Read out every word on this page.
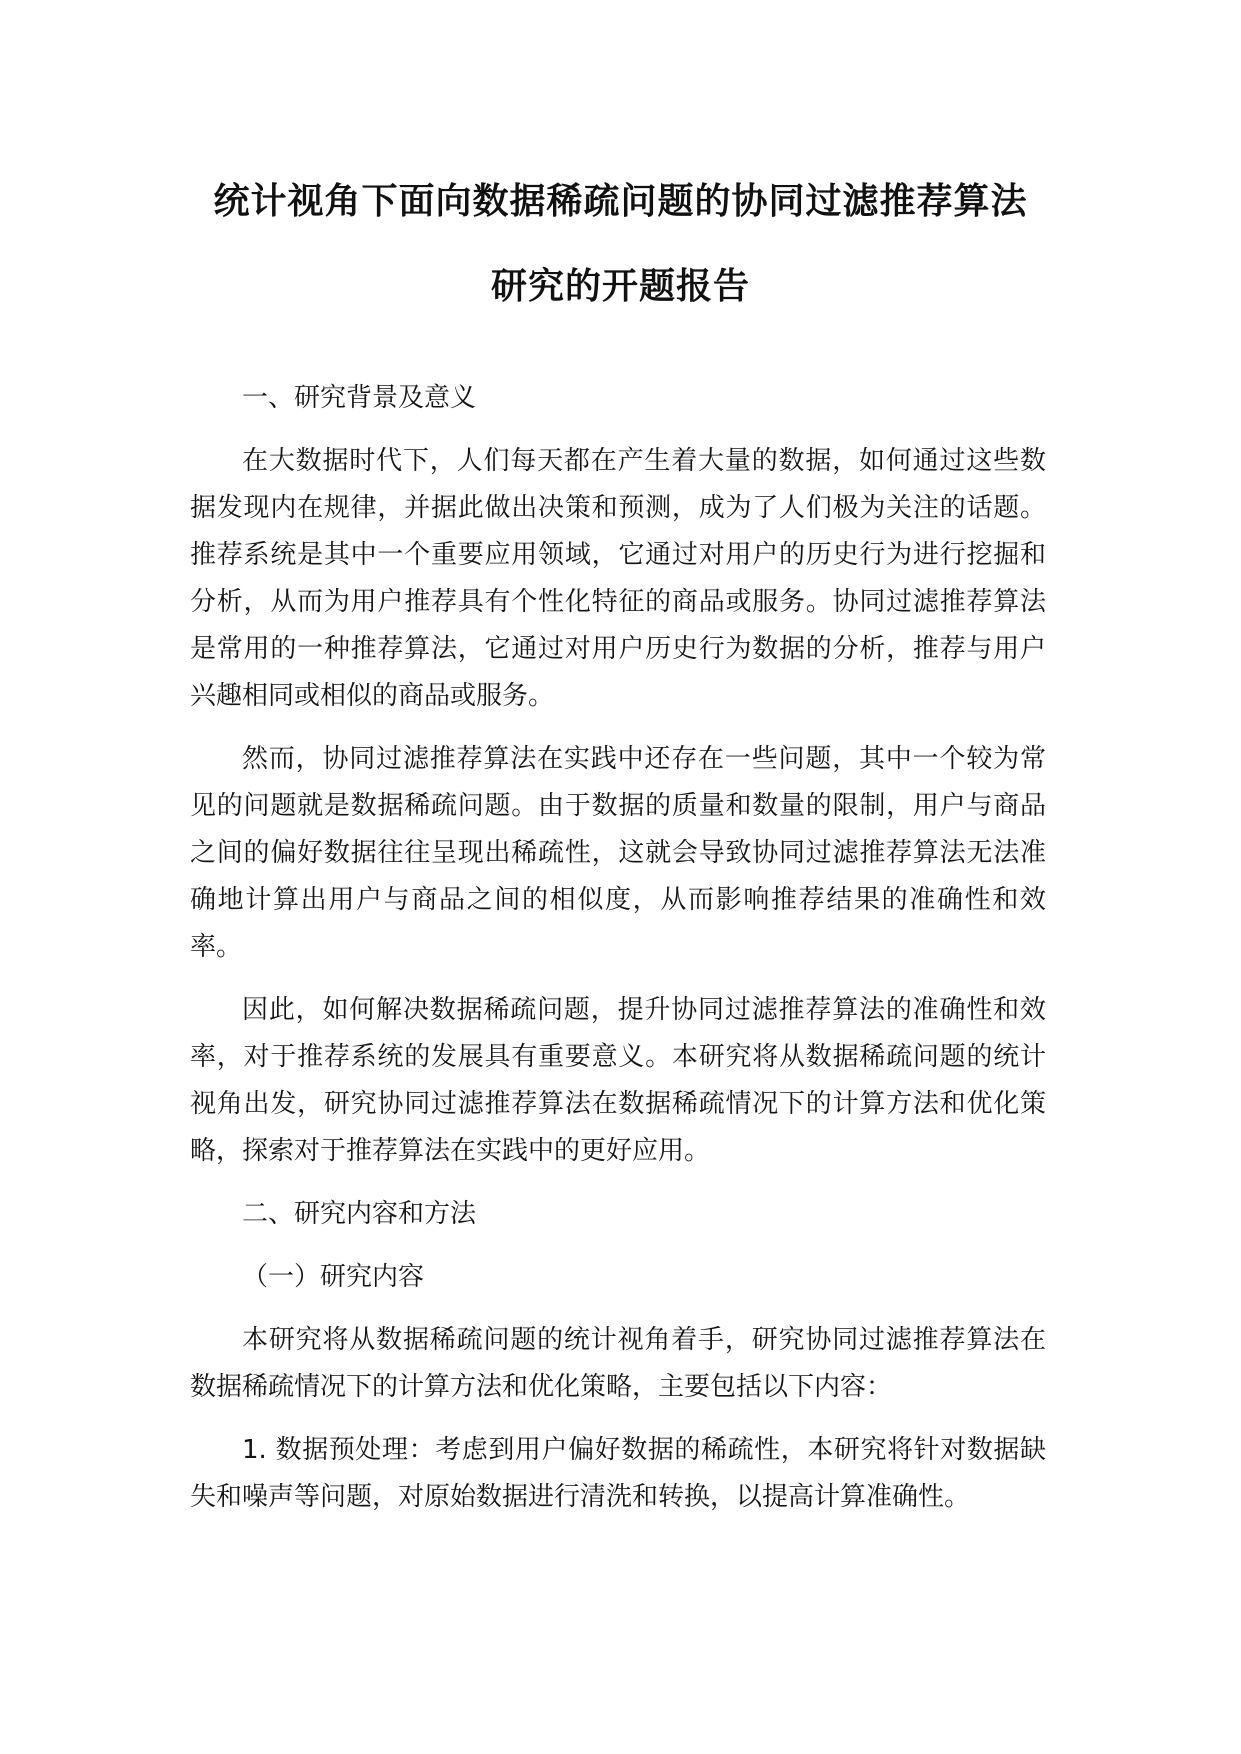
统计视角下面向数据稀疏问题的协同过滤推荐算法
研究的开题报告
一、研究背景及意义

在大数据时代下，人们每天都在产生着大量的数据，如何通过这些数据发现内在规律，并据此做出决策和预测，成为了人们极为关注的话题。推荐系统是其中一个重要应用领域，它通过对用户的历史行为进行挖掘和分析，从而为用户推荐具有个性化特征的商品或服务。协同过滤推荐算法是常用的一种推荐算法，它通过对用户历史行为数据的分析，推荐与用户兴趣相同或相似的商品或服务。

然而，协同过滤推荐算法在实践中还存在一些问题，其中一个较为常见的问题就是数据稀疏问题。由于数据的质量和数量的限制，用户与商品之间的偏好数据往往呈现出稀疏性，这就会导致协同过滤推荐算法无法准确地计算出用户与商品之间的相似度，从而影响推荐结果的准确性和效率。

因此，如何解决数据稀疏问题，提升协同过滤推荐算法的准确性和效率，对于推荐系统的发展具有重要意义。本研究将从数据稀疏问题的统计视角出发，研究协同过滤推荐算法在数据稀疏情况下的计算方法和优化策略，探索对于推荐算法在实践中的更好应用。

二、研究内容和方法
（一）研究内容

本研究将从数据稀疏问题的统计视角着手，研究协同过滤推荐算法在数据稀疏情况下的计算方法和优化策略，主要包括以下内容：

1. 数据预处理：考虑到用户偏好数据的稀疏性，本研究将针对数据缺失和噪声等问题，对原始数据进行清洗和转换，以提高计算准确性。
